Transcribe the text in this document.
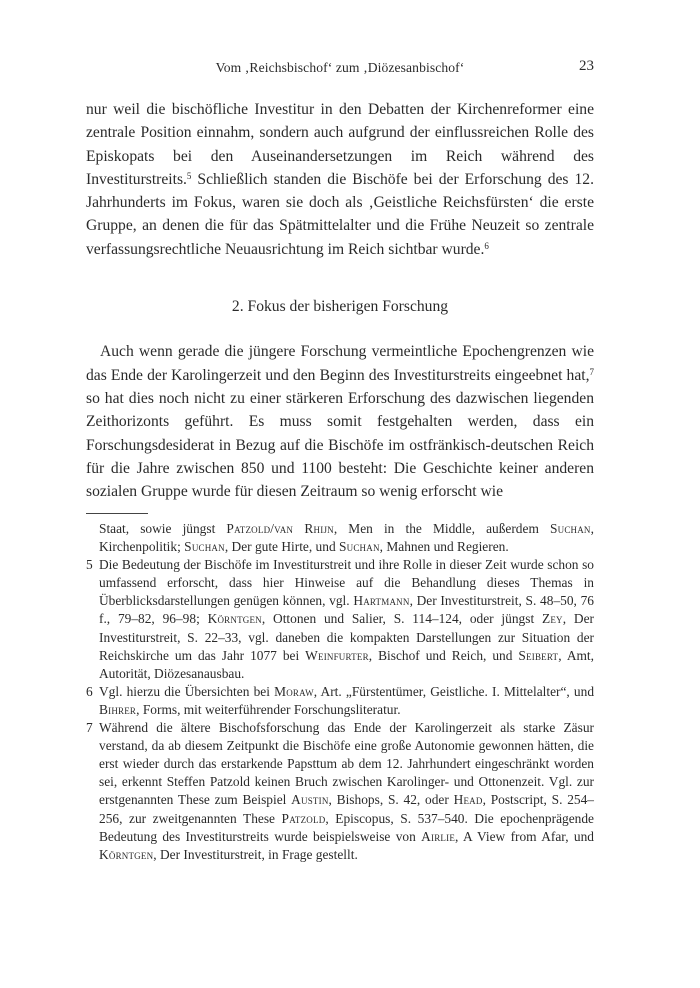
Vom ‚Reichsbischof‘ zum ‚Diözesanbischof‘	23

nur weil die bischöfliche Investitur in den Debatten der Kirchenreformer eine zentrale Position einnahm, sondern auch aufgrund der einflussreichen Rolle des Episkopats bei den Auseinandersetzungen im Reich während des Investiturstreits.$^5$ Schließlich standen die Bischöfe bei der Erforschung des 12. Jahrhunderts im Fokus, waren sie doch als ‚Geistliche Reichsfürsten‘ die erste Gruppe, an denen die für das Spätmittelalter und die Frühe Neuzeit so zentrale verfassungsrechtliche Neuausrichtung im Reich sichtbar wurde.$^6$

2. Fokus der bisherigen Forschung

Auch wenn gerade die jüngere Forschung vermeintliche Epochengrenzen wie das Ende der Karolingerzeit und den Beginn des Investiturstreits eingeebnet hat,$^7$ so hat dies noch nicht zu einer stärkeren Erforschung des dazwischen liegenden Zeithorizonts geführt. Es muss somit festgehalten werden, dass ein Forschungsdesiderat in Bezug auf die Bischöfe im ostfränkisch-deutschen Reich für die Jahre zwischen 850 und 1100 besteht: Die Geschichte keiner anderen sozialen Gruppe wurde für diesen Zeitraum so wenig erforscht wie

Staat, sowie jüngst Patzold/van Rhijn, Men in the Middle, außerdem Suchan, Kirchenpolitik; Suchan, Der gute Hirte, und Suchan, Mahnen und Regieren.

5 Die Bedeutung der Bischöfe im Investiturstreit und ihre Rolle in dieser Zeit wurde schon so umfassend erforscht, dass hier Hinweise auf die Behandlung dieses Themas in Überblicksdarstellungen genügen können, vgl. Hartmann, Der Investiturstreit, S. 48–50, 76 f., 79–82, 96–98; Körntgen, Ottonen und Salier, S. 114–124, oder jüngst Zey, Der Investiturstreit, S. 22–33, vgl. daneben die kompakten Darstellungen zur Situation der Reichskirche um das Jahr 1077 bei Weinfurter, Bischof und Reich, und Seibert, Amt, Autorität, Diözesanausbau.

6 Vgl. hierzu die Übersichten bei Moraw, Art. „Fürstentümer, Geistliche. I. Mittelalter“, und Bihrer, Forms, mit weiterführender Forschungsliteratur.

7 Während die ältere Bischofsforschung das Ende der Karolingerzeit als starke Zäsur verstand, da ab diesem Zeitpunkt die Bischöfe eine große Autonomie gewonnen hätten, die erst wieder durch das erstarkende Papsttum ab dem 12. Jahrhundert eingeschränkt worden sei, erkennt Steffen Patzold keinen Bruch zwischen Karolinger- und Ottonenzeit. Vgl. zur erstgenannten These zum Beispiel Austin, Bishops, S. 42, oder Head, Postscript, S. 254–256, zur zweitgenannten These Patzold, Episcopus, S. 537–540. Die epochenprägende Bedeutung des Investiturstreits wurde beispielsweise von Airlie, A View from Afar, und Körntgen, Der Investiturstreit, in Frage gestellt.
